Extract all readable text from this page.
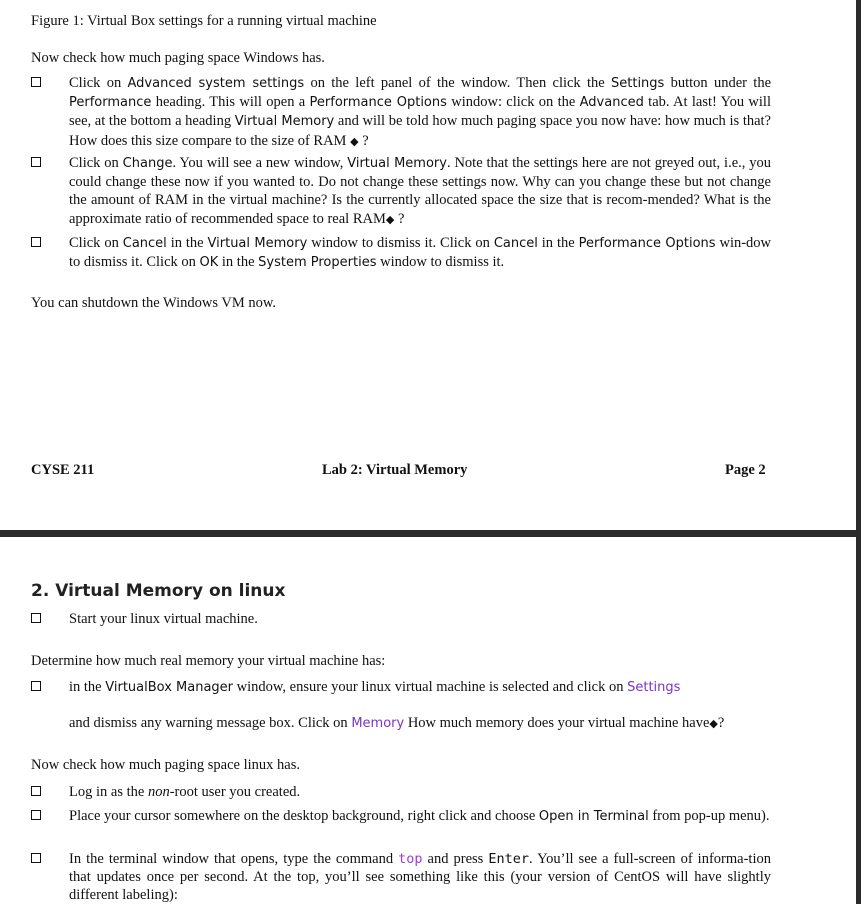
Figure 1: Virtual Box settings for a running virtual machine
Now check how much paging space Windows has.
Click on Advanced system settings on the left panel of the window. Then click the Settings button under the Performance heading. This will open a Performance Options window: click on the Advanced tab. At last! You will see, at the bottom a heading Virtual Memory and will be told how much paging space you now have: how much is that? How does this size compare to the size of RAM ◆ ?
Click on Change. You will see a new window, Virtual Memory. Note that the settings here are not greyed out, i.e., you could change these now if you wanted to. Do not change these settings now. Why can you change these but not change the amount of RAM in the virtual machine? Is the currently allocated space the size that is recom-mended? What is the approximate ratio of recommended space to real RAM◆ ?
Click on Cancel in the Virtual Memory window to dismiss it. Click on Cancel in the Performance Options win-dow to dismiss it. Click on OK in the System Properties window to dismiss it.
You can shutdown the Windows VM now.
CYSE 211	Lab 2: Virtual Memory	Page 2
2. Virtual Memory on linux
Start your linux virtual machine.
Determine how much real memory your virtual machine has:
in the VirtualBox Manager window, ensure your linux virtual machine is selected and click on Settings
and dismiss any warning message box. Click on Memory How much memory does your virtual machine have◆?
Now check how much paging space linux has.
Log in as the non-root user you created.
Place your cursor somewhere on the desktop background, right click and choose Open in Terminal from pop-up menu).
In the terminal window that opens, type the command top and press Enter. You’ll see a full-screen of informa-tion that updates once per second. At the top, you’ll see something like this (your version of CentOS will have slightly different labeling):
